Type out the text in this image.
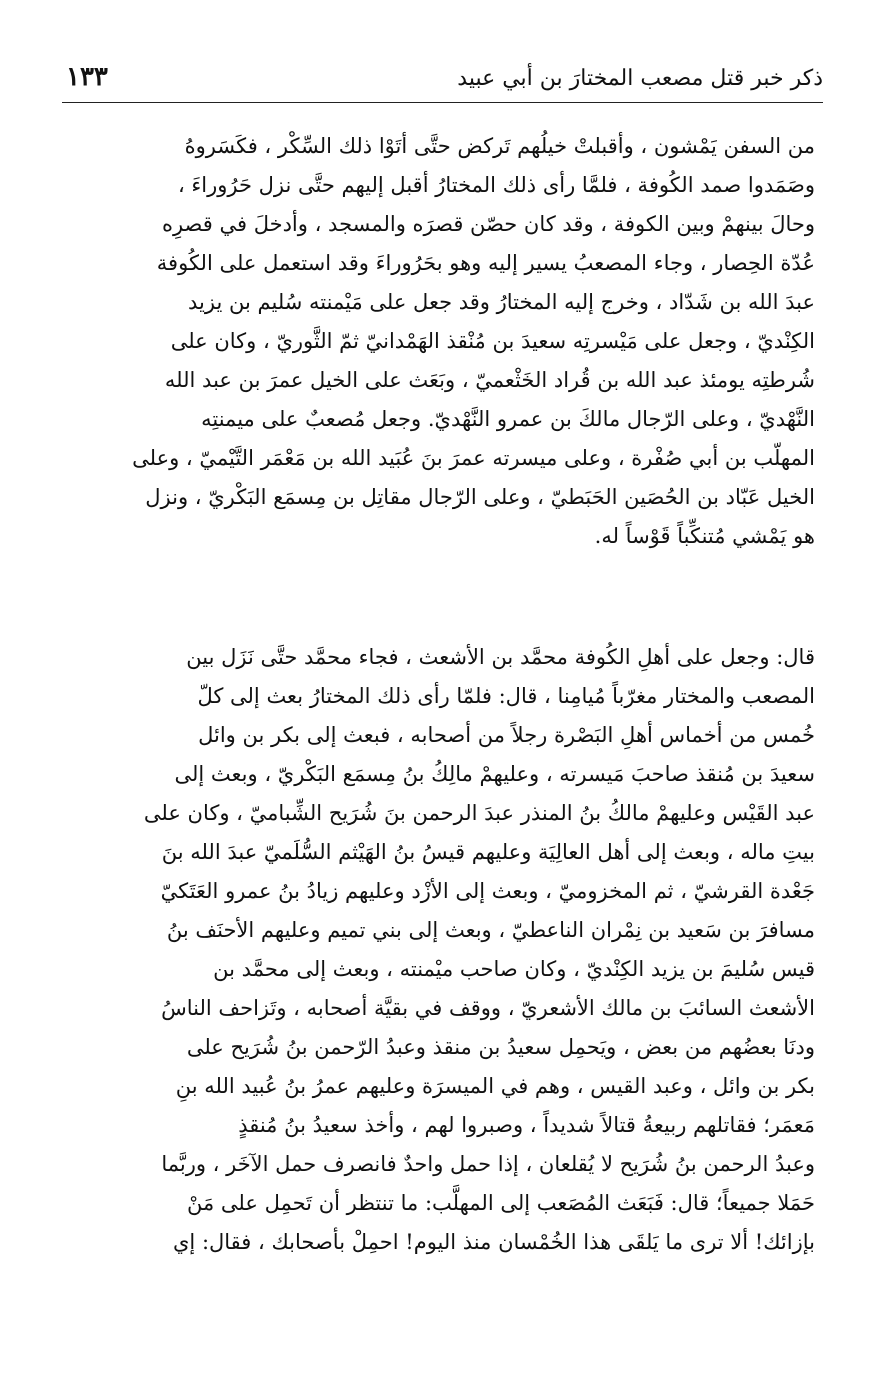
ذكر خبر قتل مصعب المختارَ بن أبي عبيد
١٣٣
من السفن يَمْشون ، وأقبلتْ خيلُهم تَركض حتَّى أتَوْا ذلك السِّكْر ، فكَسَروهُ
وصَمَدوا صمد الكُوفة ، فلمَّا رأى ذلك المختارُ أقبل إليهم حتَّى نزل حَرُوراءَ ،
وحالَ بينهمْ وبين الكوفة ، وقد كان حصّن قصرَه والمسجد ، وأدخلَ في قصرِه
عُدّة الحِصار ، وجاء المصعبُ يسير إليه وهو بحَرُوراءَ وقد استعمل على الكُوفة
عبدَ الله بن شَدّاد ، وخرج إليه المختارُ وقد جعل على مَيْمنته سُليم بن يزيد
الكِنْديّ ، وجعل على مَيْسرتِه سعيدَ بن مُنْقذ الهَمْدانيّ ثمّ الثَّوريّ ، وكان على
شُرطتِه يومئذ عبد الله بن قُراد الخَثْعميّ ، وبَعَث على الخيل عمرَ بن عبد الله
النَّهْديّ ، وعلى الرّجال مالكَ بن عمرو النَّهْديّ. وجعل مُصعبٌ على ميمنتِه
المهلّب بن أبي صُفْرة ، وعلى ميسرته عمرَ بنَ عُبَيد الله بن مَعْمَر التَّيْميّ ، وعلى
الخيل عَبّاد بن الحُصَين الحَبَطيّ ، وعلى الرّجال مقاتِل بن مِسمَع البَكْريّ ، ونزل
هو يَمْشي مُتنكِّباً قَوْساً له.
قال: وجعل على أهلِ الكُوفة محمَّد بن الأشعث ، فجاء محمَّد حتَّى نَزَل بين
المصعب والمختار مغرّباً مُيامِنا ، قال: فلمّا رأى ذلك المختارُ بعث إلى كلّ
خُمس من أخماس أهلِ البَصْرة رجلاً من أصحابه ، فبعث إلى بكر بن وائل
سعيدَ بن مُنقذ صاحبَ مَيسرته ، وعليهمْ مالِكُ بنُ مِسمَع البَكْريّ ، وبعث إلى
عبد القَيْس وعليهمْ مالكُ بنُ المنذر عبدَ الرحمن بنَ شُرَيح الشِّباميّ ، وكان على
بيتِ ماله ، وبعث إلى أهل العالِيَة وعليهم قيسُ بنُ الهَيْثم السُّلَميّ عبدَ الله بنَ
جَعْدة القرشيّ ، ثم المخزوميّ ، وبعث إلى الأزْد وعليهم زيادُ بنُ عمرو العَتَكيّ
مسافرَ بن سَعيد بن نِمْران الناعطيّ ، وبعث إلى بني تميم وعليهم الأحنَف بنُ
قيس سُليمَ بن يزيد الكِنْديّ ، وكان صاحب ميْمنته ، وبعث إلى محمَّد بن
الأشعث السائبَ بن مالك الأشعريّ ، ووقف في بقيَّة أصحابه ، وتَزاحف الناسُ
ودنَا بعضُهم من بعض ، ويَحمِل سعيدُ بن منقذ وعبدُ الرّحمن بنُ شُرَيح على
بكر بن وائل ، وعبد القيس ، وهم في الميسرَة وعليهم عمرُ بنُ عُبيد الله بنِ
مَعمَر؛ فقاتلهم ربيعةُ قتالاً شديداً ، وصبروا لهم ، وأخذ سعيدُ بنُ مُنقذٍ
وعبدُ الرحمن بنُ شُرَيح لا يُقلعان ، إذا حمل واحدٌ فانصرف حمل الآخَر ، وربَّما
حَمَلا جميعاً؛ قال: فَبَعَث المُصَعب إلى المهلَّب: ما تنتظر أن تَحمِل على مَنْ
بإزائك! ألا ترى ما يَلقَى هذا الخُمْسان منذ اليوم! احمِلْ بأصحابك ، فقال: إي
